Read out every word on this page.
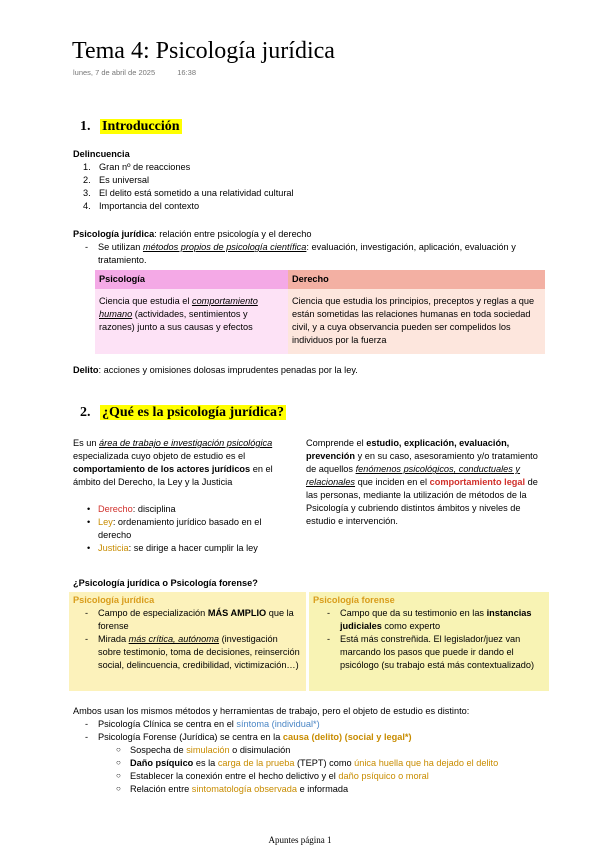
Tema 4: Psicología jurídica
lunes, 7 de abril de 2025	16:38
1. Introducción
Delincuencia
1. Gran nº de reacciones
2. Es universal
3. El delito está sometido a una relatividad cultural
4. Importancia del contexto
Psicología jurídica: relación entre psicología y el derecho
-	Se utilizan métodos propios de psicología científica: evaluación, investigación, aplicación, evaluación y tratamiento.
Psicología	Derecho
Ciencia que estudia el comportamiento humano (actividades, sentimientos y razones) junto a sus causas y efectos	Ciencia que estudia los principios, preceptos y reglas a que están sometidas las relaciones humanas en toda sociedad civil, y a cuya observancia pueden ser compelidos los individuos por la fuerza
Delito: acciones y omisiones dolosas imprudentes penadas por la ley.
2. ¿Qué es la psicología jurídica?
Es un área de trabajo e investigación psicológica especializada cuyo objeto de estudio es el comportamiento de los actores jurídicos en el ámbito del Derecho, la Ley y la Justicia
• Derecho: disciplina
• Ley: ordenamiento jurídico basado en el derecho
• Justicia: se dirige a hacer cumplir la ley
Comprende el estudio, explicación, evaluación, prevención y en su caso, asesoramiento y/o tratamiento de aquellos fenómenos psicológicos, conductuales y relacionales que inciden en el comportamiento legal de las personas, mediante la utilización de métodos de la Psicología y cubriendo distintos ámbitos y niveles de estudio e intervención.
¿Psicología jurídica o Psicología forense?
Psicología jurídica
-	Campo de especialización MÁS AMPLIO que la forense
-	Mirada más crítica, autónoma (investigación sobre testimonio, toma de decisiones, reinserción social, delincuencia, credibilidad, victimización…)
Psicología forense
-	Campo que da su testimonio en las instancias judiciales como experto
-	Está más constreñida. El legislador/juez van marcando los pasos que puede ir dando el psicólogo (su trabajo está más contextualizado)
Ambos usan los mismos métodos y herramientas de trabajo, pero el objeto de estudio es distinto:
-	Psicología Clínica se centra en el síntoma (individual*)
-	Psicología Forense (Jurídica) se centra en la causa (delito) (social y legal*)
○ Sospecha de simulación o disimulación
○ Daño psíquico es la carga de la prueba (TEPT) como única huella que ha dejado el delito
○ Establecer la conexión entre el hecho delictivo y el daño psíquico o moral
○ Relación entre sintomatología observada e informada
Apuntes página 1
